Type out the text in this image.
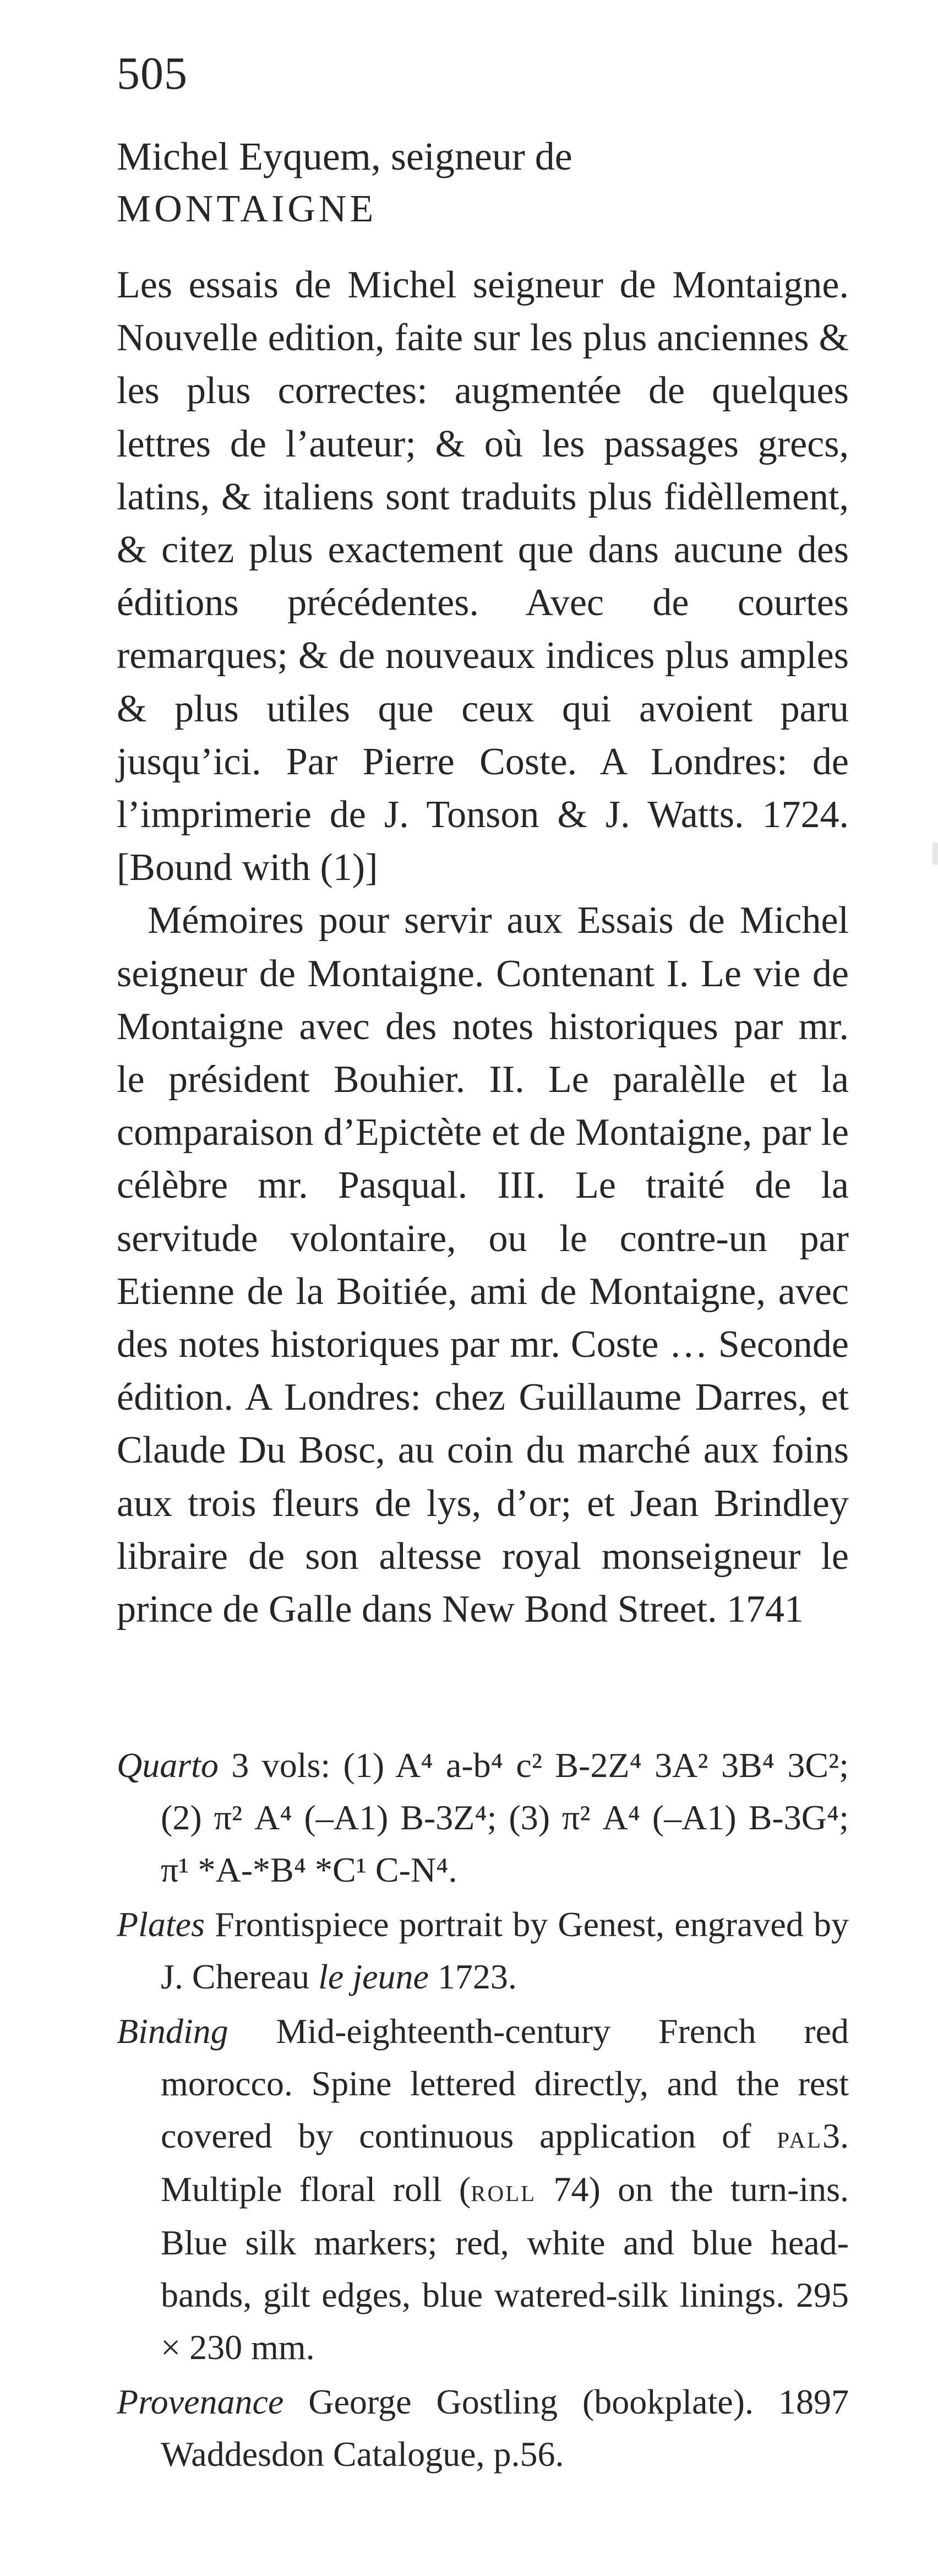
505
Michel Eyquem, seigneur de
MONTAIGNE

Les essais de Michel seigneur de Montaigne. Nouvelle edition, faite sur les plus anciennes & les plus correctes: augmentée de quelques lettres de l’auteur; & où les passages grecs, latins, & italiens sont traduits plus fidèllement, & citez plus exactement que dans aucune des éditions précédentes. Avec de courtes remarques; & de nouveaux indices plus amples & plus utiles que ceux qui avoient paru jusqu’ici. Par Pierre Coste. A Londres: de l’imprimerie de J. Tonson & J. Watts. 1724. [Bound with (1)]

Mémoires pour servir aux Essais de Michel seigneur de Montaigne. Contenant I. Le vie de Montaigne avec des notes historiques par mr. le président Bouhier. II. Le paralèlle et la comparaison d’Epictète et de Montaigne, par le célèbre mr. Pasqual. III. Le traité de la servitude volontaire, ou le contre-un par Etienne de la Boitiée, ami de Montaigne, avec des notes historiques par mr. Coste … Seconde édition. A Londres: chez Guillaume Darres, et Claude Du Bosc, au coin du marché aux foins aux trois fleurs de lys, d’or; et Jean Brindley libraire de son altesse royal monseigneur le prince de Galle dans New Bond Street. 1741

Quarto 3 vols: (1) A⁴ a-b⁴ c² B-2Z⁴ 3A² 3B⁴ 3C²; (2) π² A⁴ (–A1) B-3Z⁴; (3) π² A⁴ (–A1) B-3G⁴; π¹ *A-*B⁴ *C¹ C-N⁴.

Plates Frontispiece portrait by Genest, engraved by J. Chereau le jeune 1723.

Binding Mid-eighteenth-century French red morocco. Spine lettered directly, and the rest covered by continuous application of pal3. Multiple floral roll (roll 74) on the turn-ins. Blue silk markers; red, white and blue head-bands, gilt edges, blue watered-silk linings. 295 × 230 mm.

Provenance George Gostling (bookplate). 1897 Waddesdon Catalogue, p.56.
